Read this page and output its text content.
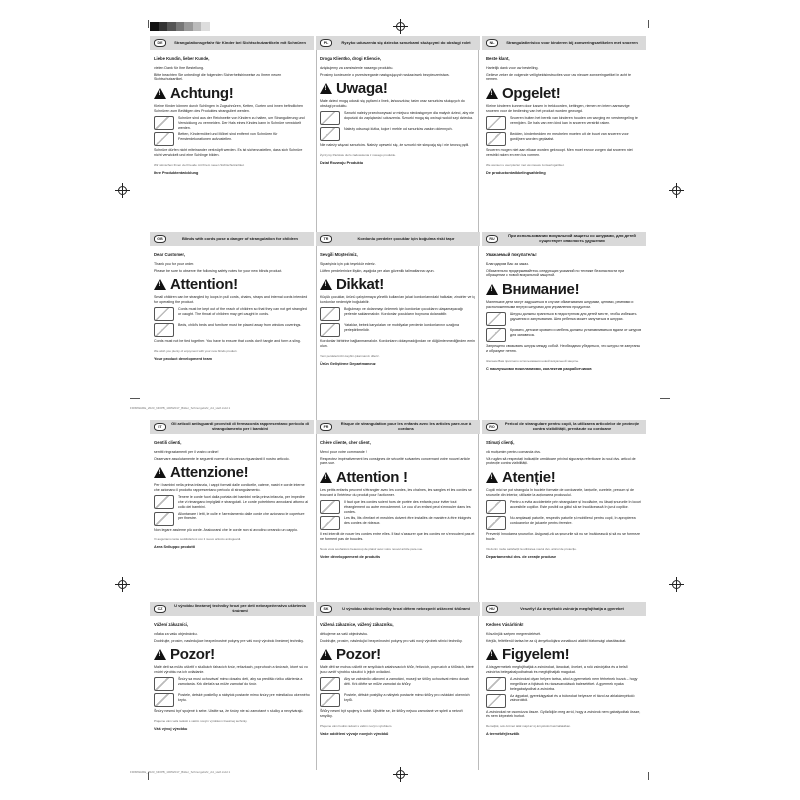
FIRMWARE_2023_NDPB_10052017_Bilder_Schnurgefahr_A4_Heft.indd 1
FIRMWARE_2023_NDPB_10052017_Bilder_Schnurgefahr_A4_Heft.indd 1
DE	Strangulationsgefahr für Kinder bei Sichtschutzartikeln mit Schnüren
Liebe Kundin, lieber Kunde,
vielen Dank für Ihre Bestellung.
Bitte beachten Sie unbedingt die folgenden Sicherheitshinweise zu Ihrem neuen Sichtschutzartikel.
!
Achtung!
Kleine Kinder können durch Schlingen in Zugschnüren, Ketten, Gurten und innen befindlichen Schnüren zum Betätigen des Produktes stranguliert werden.
Schnüre sind aus der Reichweite von Kindern zu halten, um Strangulierung und Verwicklung zu vermeiden. Der Hals eines Kindes kann in Schnüre verwickelt werden.
Betten, Kindermöbel und Möbel sind entfernt von Schnüren für Fensterdekorationen aufzustellen.
Schnüre dürfen nicht miteinander verknüpft werden. Es ist sicherzustellen, dass sich Schnüre nicht verwickelt und eine Schlinge bilden.
Wir wünschen Ihnen viel Freude mit Ihrem neuen Sichtschutzartikel.
Ihre Produktentwicklung
PL	Ryzyko uduszenia się dziecka sznurkami służącymi do obsługi rolet
Droga Klientko, drogi Kliencie,
dziękujemy za zamówienie naszego produktu.
Prosimy koniecznie o przestrzeganie następujących wskazówek bezpieczeństwa.
!
Uwaga!
Małe dzieci mogą udusić się pętlami z linek, łańcuszków, taśm oraz sznurków służących do obsługi produktu.
Sznurki należy przechowywać w miejscu niedostępnym dla małych dzieci, aby nie dopuścić do zaplątania i uduszenia. Sznurki mogą się owinąć wokół szyi dziecka.
Należy odsunąć łóżka, kojce i meble od sznurków zasłon okiennych.
Nie należy wiązać sznurków. Należy upewnić się, że sznurki nie skręcają się i nie tworzą pętli.
Życzymy Państwu dużo zadowolenia z nowego produktu.
Dział Rozwoju Produktu
NL	Strangulatierisico voor kinderen bij zonweringsartikelen met snoeren
Beste klant,
Hartelijk dank voor uw bestelling.
Gelieve zeker de volgende veiligheidsinstructies voor uw nieuwe zonweringartikel in acht te nemen.
!
Opgelet!
Kleine kinderen kunnen door lussen in trekkoorden, kettingen, riemen en intern aanwezige snoeren voor de bediening van het product worden gewurgd.
Snoeren buiten het bereik van kinderen houden om wurging en verstrengeling te vermijden. De hals van een kind kan in snoeren verstrikt raken.
Bedden, kinderbedden en meubelen moeten uit de buurt van snoeren voor gordijnen worden geplaatst.
Snoeren mogen niet aan elkaar worden geknoopt. Men moet ervoor zorgen dat snoeren niet verstrikt raken en een lus vormen.
We wensen u veel plezier met uw nieuwe zonweringartikel.
De productontwikkelingsafdeling
GB	Blinds with cords pose a danger of strangulation for children
Dear Customer,
Thank you for your order.
Please be sure to observe the following safety notes for your new blinds product.
!
Attention!
Small children can be strangled by loops in pull cords, chains, straps and internal cords intended for operating the product.
Cords must be kept out of the reach of children so that they can not get strangled or caught. The throat of children may get caught in cords.
Beds, child's beds and furniture must be placed away from window coverings.
Cords must not be tied together. You have to ensure that cords don't tangle and form a sling.
We wish you plenty of enjoyment with your new blinds product.
Your product development team
TR	Kordonlu perdeler çocuklar için boğulma riski taşır
Sevgili Müşterimiz,
Siparişiniz için çok teşekkür ederiz.
Lütfen perdelerinize ilişkin, aşağıda yer alan güvenlik talimatlarına uyun.
!
Dikkat!
Küçük çocuklar, ürünü çalıştırmaya yönelik kullanılan jaluzi kordonlarındaki halkalar, zincirler ve iç kordonlar nedeniyle boğulabilir.
Boğulmayı ve dolanmayı önlemek için kordonlar çocukların ulaşamayacağı yerlerde saklanmalıdır. Kordonlar çocukların boynuna dolanabilir.
Yataklar, bebek karyolaları ve mobilyalar perdenin kordonlarının uzağına yerleştirilmelidir.
Kordonlar birbirine bağlanmamalıdır. Kordonların dolaşmadığından ve düğümlenmediğinden emin olun.
Yeni perdelerinizin keyfini çıkarmanızı dileriz.
Ürün Geliştirme Departmanınız
RU
При использовании визуальной защиты со шнурами, для детей существует опасность удушения
Уважаемый покупатель!
Благодарим Вас за заказ.
Обязательно придерживайтесь следующих указаний по технике безопасности при обращении с новой визуальной защитой.
!
Внимание!
Маленькие дети могут задушиться в случае обматывания шнурами, цепями, ремнями и расположенными внутри шнурами для управления продуктом.
Шнуры должны храниться в недоступном для детей месте, чтобы избежать удушения и запутывания. Шея ребенка может запутаться в шнурах.
Кровати, детские кровати и мебель должны устанавливаться вдали от шнуров для занавесок.
Запрещено связывать шнуры между собой. Необходимо убедиться, что шнуры не запутаны и образуют петлю.
Желаем Вам приятного использования новой визуальной защиты.
С наилучшими пожеланиями, коллектив разработчиков
IT
Gli articoli antisguardi provvisti di fermacorda rappresentano pericolo di strangolamento per i bambini
Gentili clienti,
sentiti ringraziamenti per il vostro ordine!
Osservare assolutamente le seguenti norme di sicurezza riguardanti il nostro articolo.
!
Attenzione!
Per i bambini nella prima infanzia, i cappi formati dalle cordicelle, catene, nastri e corde interne che azionano il prodotto rappresentano pericolo di strangolamento.
Tenere le corde fuori dalla portata dei bambini nella prima infanzia, per impedire che vi rimangano impigliati e strangolati. Le corde potrebbero annodarsi attorno al collo dei bambini.
Allontanare i letti, le culle e l'arredamento dalle corde che azionano le coperture per finestre.
Non legare assieme più corde. Assicurarsi che le corde non si avvolino creando un cappio.
Vi auguriamo tante soddisfazioni con il nuovo articolo antisguardi.
Area Sviluppo prodotti
FR
Risque de strangulation pour les enfants avec les articles pare-vue à cordons
Chère cliente, cher client,
Merci pour votre commande !
Respectez impérativement les consignes de sécurité suivantes concernant votre nouvel article pare-vue.
!
Attention !
Les petits enfants peuvent s'étrangler avec les cordes, les chaînes, les sangles et les cordes se trouvant à l'intérieur du produit pour l'actionner.
Il faut que les cordes soient hors de portée des enfants pour éviter tout étranglement ou autre enroulement. Le cou d'un enfant peut s'enrouler dans les cordes.
Les lits, lits d'enfant et meubles doivent être installés de manière à être éloignés des cordes de rideaux.
Il est interdit de nouer les cordes entre elles. Il faut s'assurer que les cordes ne s'enroulent pas et ne forment pas de boucles.
Nous vous souhaitons beaucoup de plaisir avec votre nouvel article pare-vue.
Votre développement de produits
RO
Pericol de strangulare pentru copii, la utilizarea articolelor de protecție contra vizibilității, prevăzute cu cordoane
Stimați clienți,
vă mulțumim pentru comanda dvs.
Vă rugăm să respectați indicațiile următoare privind siguranța referitoare la noul dvs. articol de protecție contra vizibilității.
!
Atenție!
Copiii mici se pot strangula în buclele formate de cordoanele, lanțurile, curelele, precum și de snururile din interior, utilizate la acționarea produsului.
Pentru a evita accidentele prin strangulare și încolăcire, nu lăsați șnururile în locuri accesibile copiilor. Este posibil ca gâtul să se încolăcească în jurul copiilor.
Nu amplasați paturile, respectiv paturile și mobilierul pentru copii, în apropierea cordoanelor de jaluzele pentru ferestre.
Preveniți înnodarea șnururilor. Asigurați-vă ca șnururile să nu se încâlcească și să nu se formeze bucle.
Vă dorim multe satisfacții la utilizarea noului dvs. articol de protecție.
Departamentul dvs. de creație produse
CZ
U výrobku lineárnej techniky hrozí pre deti nebezpečenstvo uškrtenia šnúrami
Vážení zákazníci,
vďaka za vašu objednávku.
Dodržujte, prosím, nasledujúce bezpečnostné pokyny pre váš nový výrobok lineárnej techniky.
!
Pozor!
Malé deti sa môžu uškrtiť v slučkách ťahacích šnúr, reťazkach, popruhoch a šnúrach, ktoré sú vo vnútri výrobku na ich ovládanie.
Šnúry sa musí uchovávať mimo dosahu detí, aby sa predišlo riziku uškrtenia a zamotania. Krk dieťaťa sa môže zamotať do šnúr.
Postele, detské postieľky a nábytok postavte mimo šnúry pre miestlačou okenného krytu.
Šnúry nesmú byť spojené k sebe. Uistite sa, že šnúry nie sú zamotané v slučky a nevytvárajú.
Prajeme vám veľa radosti s vaším novým výrobkom lineárnej techniky.
Váš vývoj výrobku
SK	U výrobku stínicí techniky hrozí dětem nebezpečí uškrcení šňůrami
Vážená zákaznice, vážený zákazníku,
děkujeme za vaši objednávku.
Dodržujte, prosím, následující bezpečnostní pokyny pro váš nový výrobek stínicí techniky.
!
Pozor!
Malé děti se mohou uškrtit ve smyčkách zatahovacích šňůr, řetízcích, popruzích a šňůrách, které jsou uvnitř výrobku sloužící k jejich ovládání.
Aby se zabránilo uškrcení a zamotání, musejí se šňůry uchovávat mimo dosah dětí. Krk dítěte se může zamotat do šňůry.
Postele, dětské postýlky a nábytek postavte mimo šňůry pro ovládání okenních krytů.
Šňůry nesmí být spojeny k sobě. Ujistěte se, že šňůry nejsou zamotané ve spleti a netvoří smyčky.
Přejeme vám hodně radosti s vaším novým výrobkem.
Vaše oddělení vývoje nových výrobků
HU	Veszély! Az árnyékoló zsinórja megfojthatja a gyereket
Kedves Vásárlónk!
Köszönjük szépen megrendelését.
Kérjük, feltétlenül tartsa be az új árnyékolójára vonatkozó alábbi biztonsági utasításokat.
!
Figyelem!
A kisgyermekek megfojthatják a zsinórokat, láncokat, öveket, a roló zsinórjába és a belső zsinórba belegabalyodhatnak és megfojthatják magukat.
A zsinórokat olyan helyen tartsa, ahol a gyermekek nem férhetnek hozzá – hogy megelőzze a fojtások és rácsavarodások balesetéket. A gyermek nyaka belegabalyodhat a zsinórba.
Az ágyakat, gyerekágyakat és a bútorokat helyezze el távol az ablakárnyékoló zsinoroktól.
A zsinórokat ne csomózza össze. Győződjön meg arról, hogy a zsinórok nem gabalyodtak össze, és nem képeztek hurkot.
Reméljük, sok örömet talál majd az új árnyékoló használatában.
A termékfejlesztők
